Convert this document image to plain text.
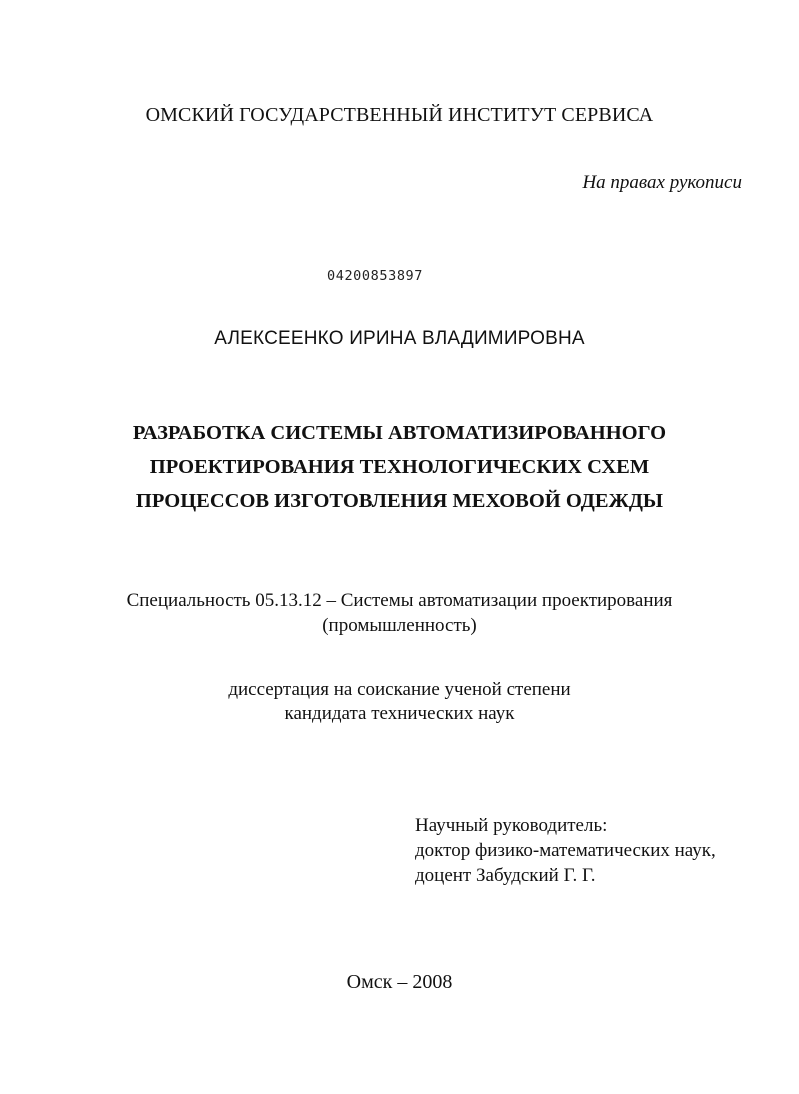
ОМСКИЙ ГОСУДАРСТВЕННЫЙ ИНСТИТУТ СЕРВИСА
На правах рукописи
04200853897
АЛЕКСЕЕНКО ИРИНА ВЛАДИМИРОВНА
РАЗРАБОТКА СИСТЕМЫ АВТОМАТИЗИРОВАННОГО
ПРОЕКТИРОВАНИЯ ТЕХНОЛОГИЧЕСКИХ СХЕМ
ПРОЦЕССОВ ИЗГОТОВЛЕНИЯ МЕХОВОЙ ОДЕЖДЫ
Специальность 05.13.12 – Системы автоматизации проектирования
(промышленность)
диссертация на соискание ученой степени
кандидата технических наук
Научный руководитель:
доктор физико-математических наук,
доцент Забудский Г. Г.
Омск – 2008
